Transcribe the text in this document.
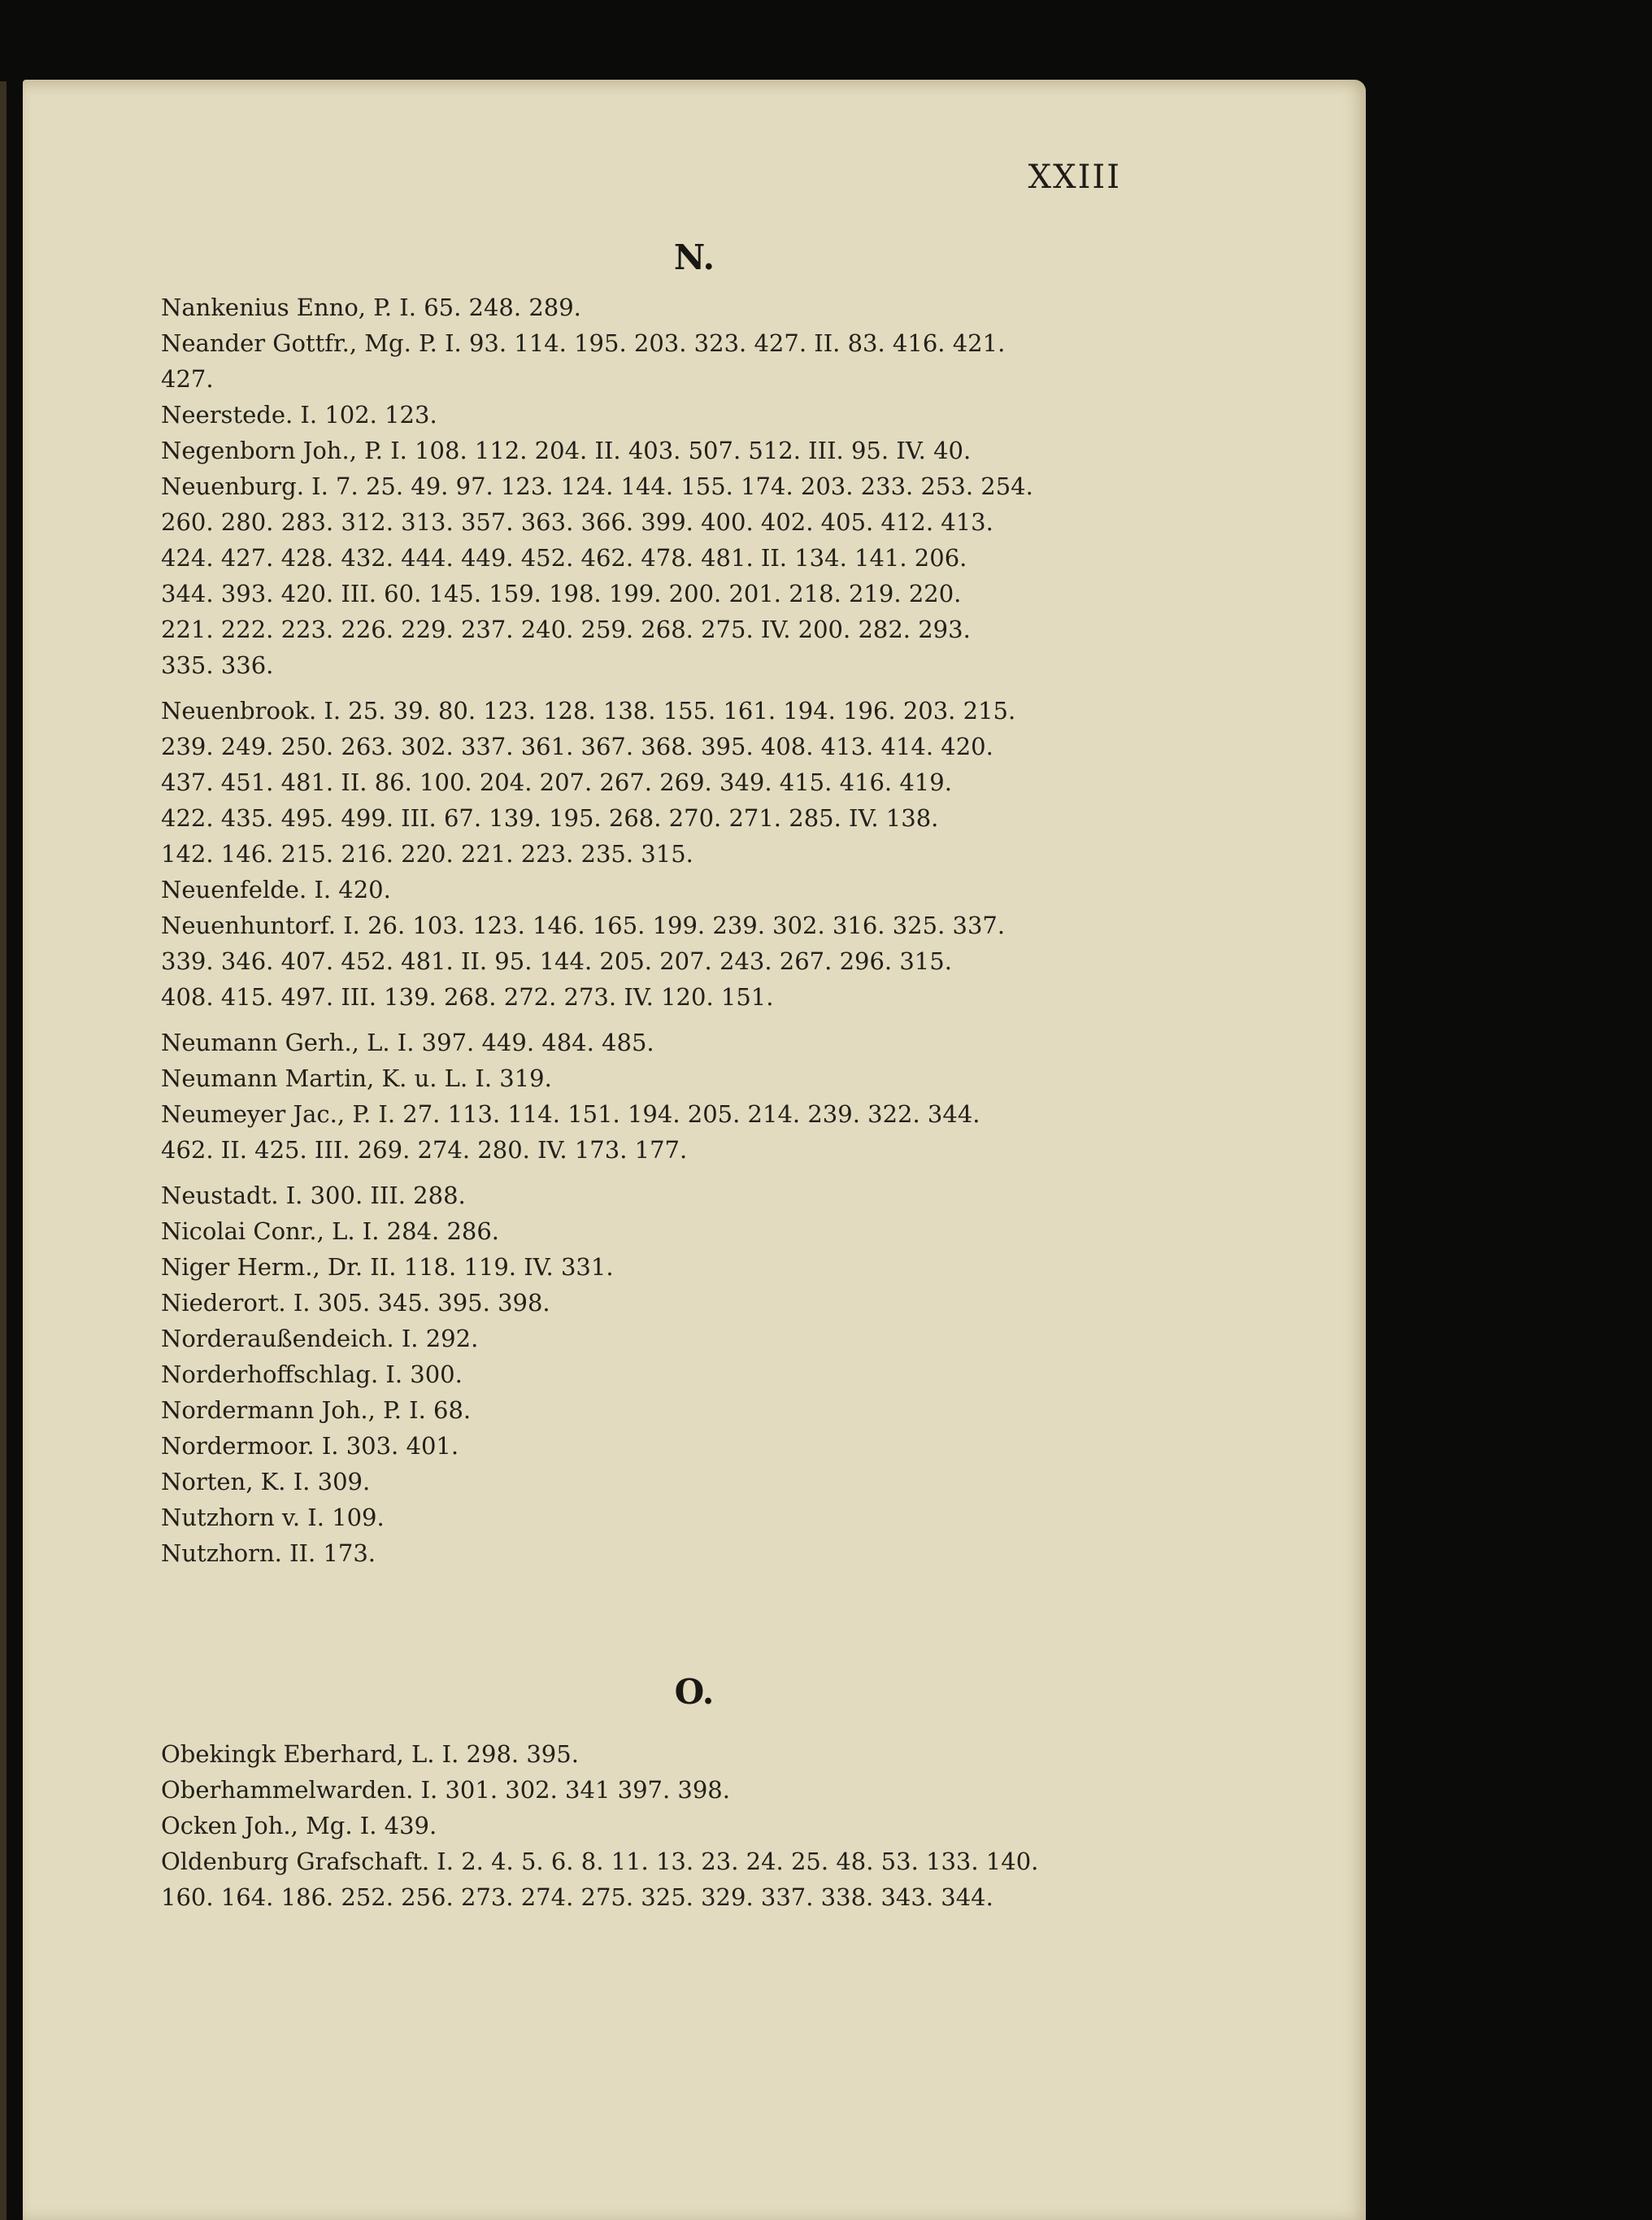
XXIII
N.
Nankenius Enno, P. I. 65. 248. 289.
Neander Gottfr., Mg. P. I. 93. 114. 195. 203. 323. 427. II. 83. 416. 421.
427.
Neerstede. I. 102. 123.
Negenborn Joh., P. I. 108. 112. 204. II. 403. 507. 512. III. 95. IV. 40.
Neuenburg. I. 7. 25. 49. 97. 123. 124. 144. 155. 174. 203. 233. 253. 254.
260. 280. 283. 312. 313. 357. 363. 366. 399. 400. 402. 405. 412. 413.
424. 427. 428. 432. 444. 449. 452. 462. 478. 481. II. 134. 141. 206.
344. 393. 420. III. 60. 145. 159. 198. 199. 200. 201. 218. 219. 220.
221. 222. 223. 226. 229. 237. 240. 259. 268. 275. IV. 200. 282. 293.
335. 336.
Neuenbrook. I. 25. 39. 80. 123. 128. 138. 155. 161. 194. 196. 203. 215.
239. 249. 250. 263. 302. 337. 361. 367. 368. 395. 408. 413. 414. 420.
437. 451. 481. II. 86. 100. 204. 207. 267. 269. 349. 415. 416. 419.
422. 435. 495. 499. III. 67. 139. 195. 268. 270. 271. 285. IV. 138.
142. 146. 215. 216. 220. 221. 223. 235. 315.
Neuenfelde. I. 420.
Neuenhuntorf. I. 26. 103. 123. 146. 165. 199. 239. 302. 316. 325. 337.
339. 346. 407. 452. 481. II. 95. 144. 205. 207. 243. 267. 296. 315.
408. 415. 497. III. 139. 268. 272. 273. IV. 120. 151.
Neumann Gerh., L. I. 397. 449. 484. 485.
Neumann Martin, K. u. L. I. 319.
Neumeyer Jac., P. I. 27. 113. 114. 151. 194. 205. 214. 239. 322. 344.
462. II. 425. III. 269. 274. 280. IV. 173. 177.
Neustadt. I. 300. III. 288.
Nicolai Conr., L. I. 284. 286.
Niger Herm., Dr. II. 118. 119. IV. 331.
Niederort. I. 305. 345. 395. 398.
Norderaußendeich. I. 292.
Norderhoffschlag. I. 300.
Nordermann Joh., P. I. 68.
Nordermoor. I. 303. 401.
Norten, K. I. 309.
Nutzhorn v. I. 109.
Nutzhorn. II. 173.
O.
Obekingk Eberhard, L. I. 298. 395.
Oberhammelwarden. I. 301. 302. 341 397. 398.
Ocken Joh., Mg. I. 439.
Oldenburg Grafschaft. I. 2. 4. 5. 6. 8. 11. 13. 23. 24. 25. 48. 53. 133. 140.
160. 164. 186. 252. 256. 273. 274. 275. 325. 329. 337. 338. 343. 344.
